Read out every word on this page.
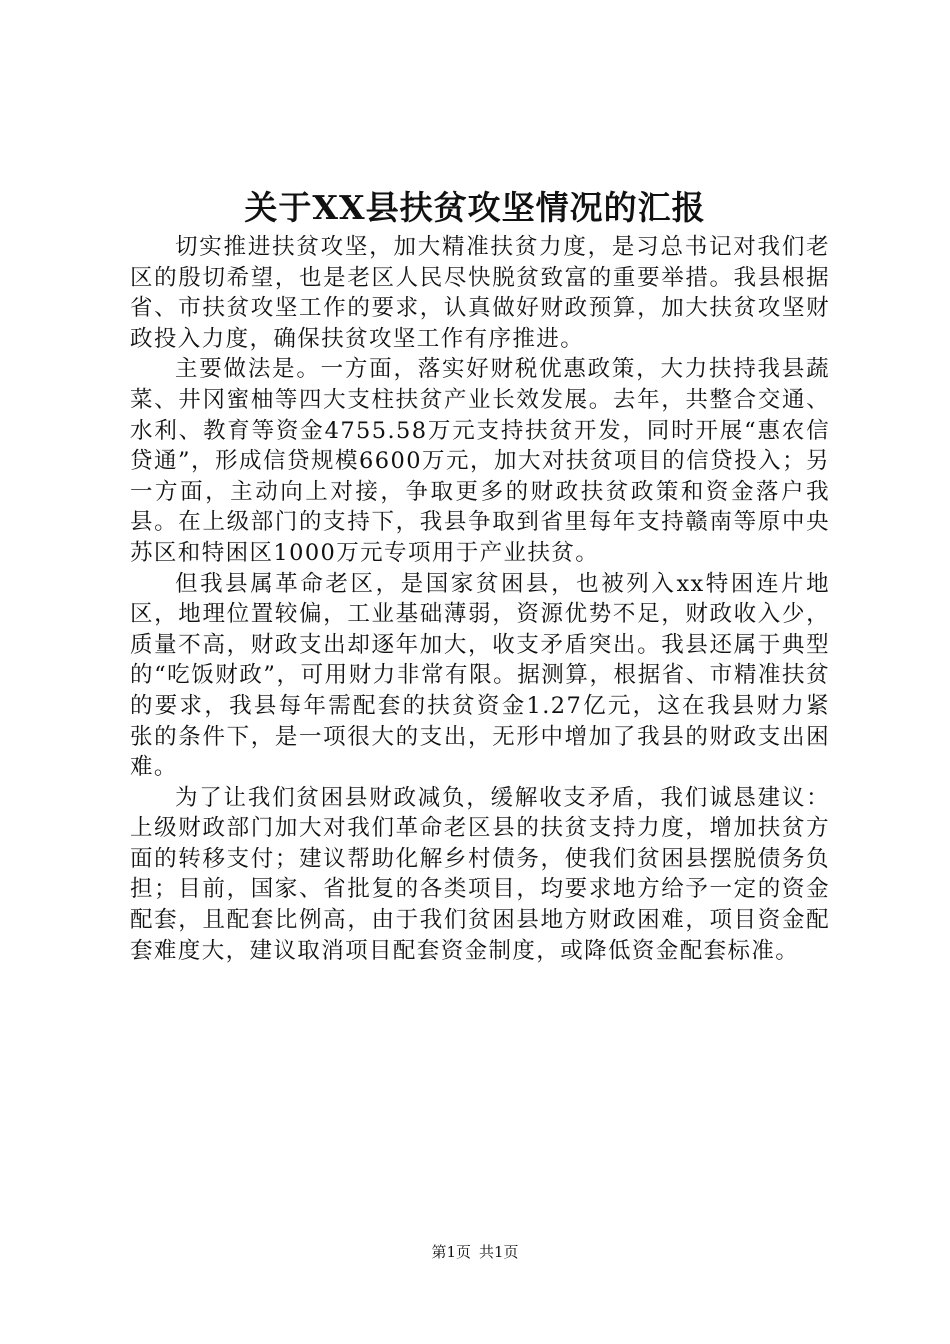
关于XX县扶贫攻坚情况的汇报

切实推进扶贫攻坚，加大精准扶贫力度，是习总书记对我们老区的殷切希望，也是老区人民尽快脱贫致富的重要举措。我县根据省、市扶贫攻坚工作的要求，认真做好财政预算，加大扶贫攻坚财政投入力度，确保扶贫攻坚工作有序推进。

主要做法是。一方面，落实好财税优惠政策，大力扶持我县蔬菜、井冈蜜柚等四大支柱扶贫产业长效发展。去年，共整合交通、水利、教育等资金4755.58万元支持扶贫开发，同时开展“惠农信贷通”，形成信贷规模6600万元，加大对扶贫项目的信贷投入；另一方面，主动向上对接，争取更多的财政扶贫政策和资金落户我县。在上级部门的支持下，我县争取到省里每年支持赣南等原中央苏区和特困区1000万元专项用于产业扶贫。

但我县属革命老区，是国家贫困县，也被列入xx特困连片地区，地理位置较偏，工业基础薄弱，资源优势不足，财政收入少，质量不高，财政支出却逐年加大，收支矛盾突出。我县还属于典型的“吃饭财政”，可用财力非常有限。据测算，根据省、市精准扶贫的要求，我县每年需配套的扶贫资金1.27亿元，这在我县财力紧张的条件下，是一项很大的支出，无形中增加了我县的财政支出困难。

为了让我们贫困县财政减负，缓解收支矛盾，我们诚恳建议：上级财政部门加大对我们革命老区县的扶贫支持力度，增加扶贫方面的转移支付；建议帮助化解乡村债务，使我们贫困县摆脱债务负担；目前，国家、省批复的各类项目，均要求地方给予一定的资金配套，且配套比例高，由于我们贫困县地方财政困难，项目资金配套难度大，建议取消项目配套资金制度，或降低资金配套标准。

第1页 共1页
